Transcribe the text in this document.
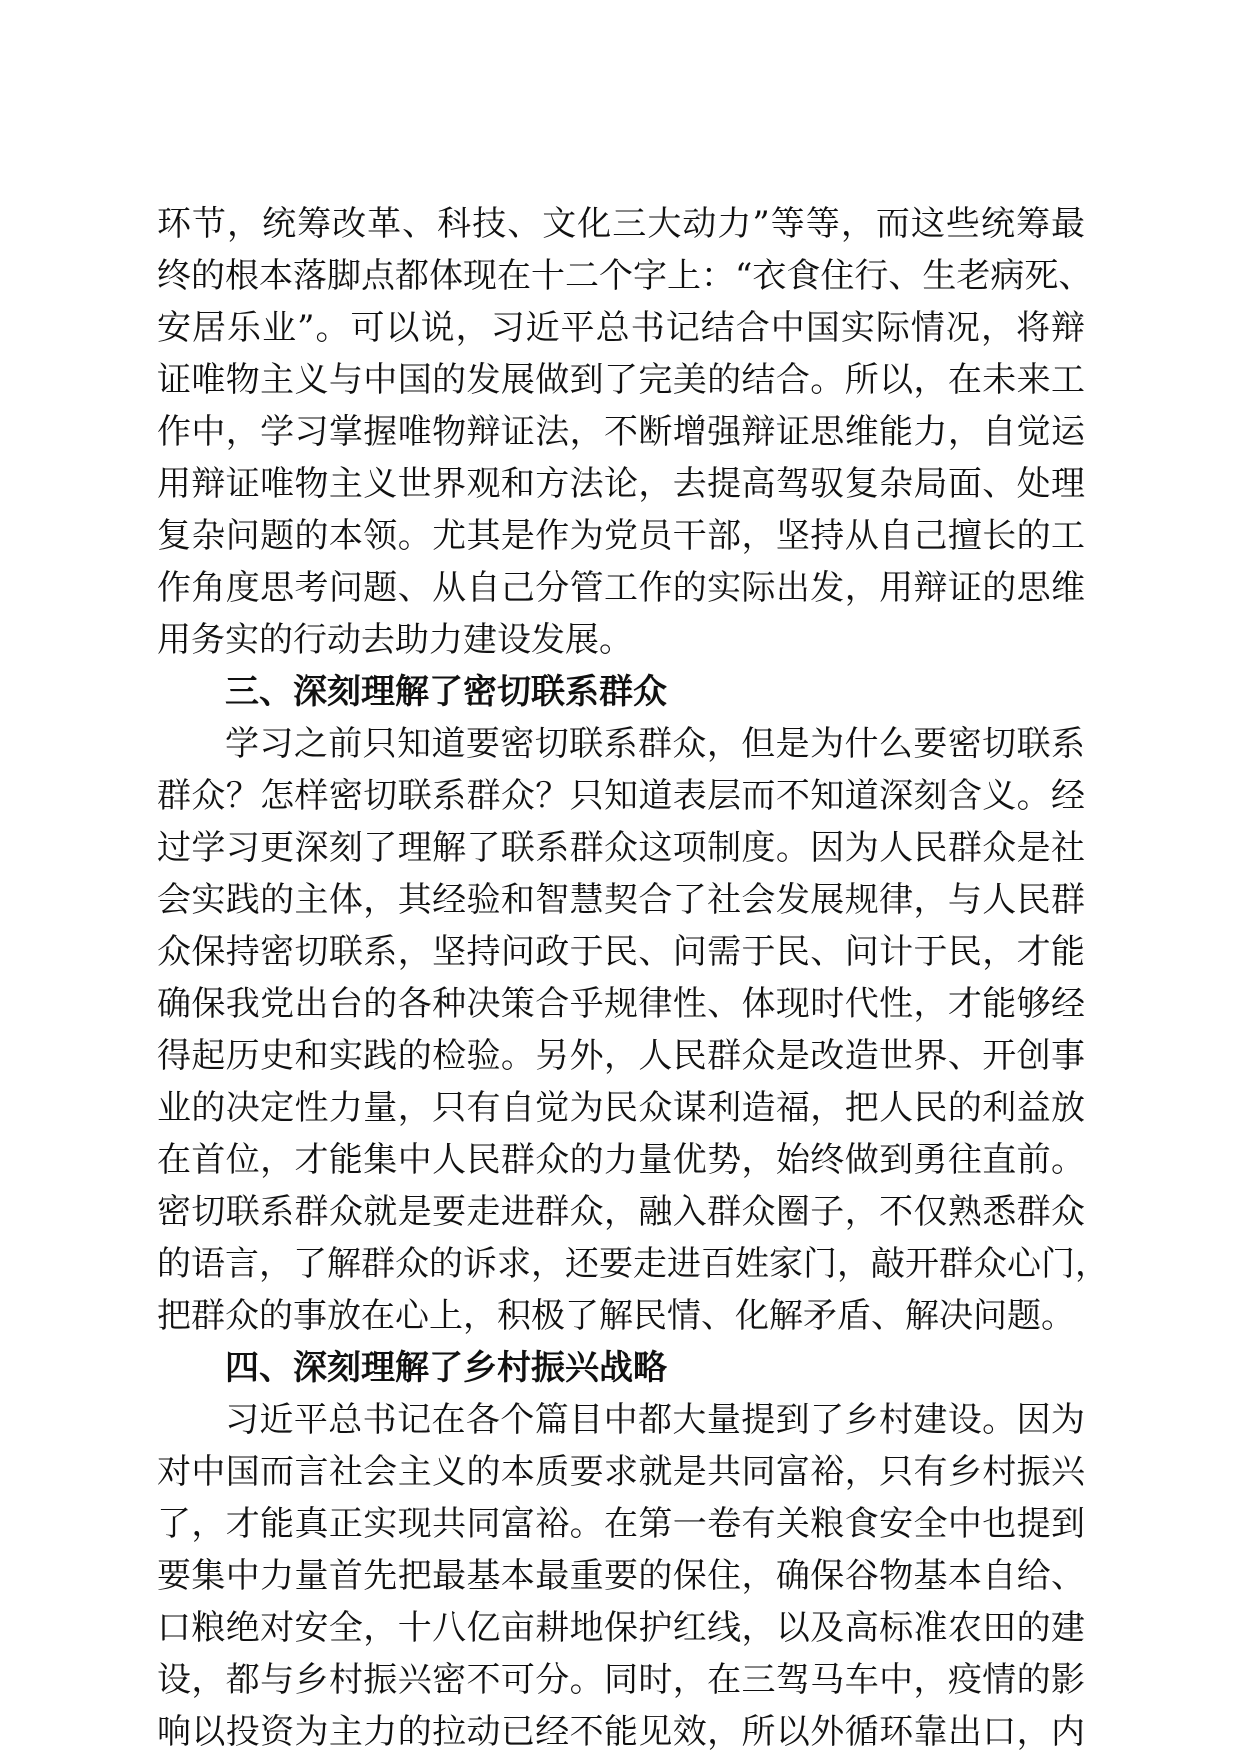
环节，统筹改革、科技、文化三大动力”等等，而这些统筹最
终的根本落脚点都体现在十二个字上：“衣食住行、生老病死、
安居乐业”。可以说，习近平总书记结合中国实际情况，将辩
证唯物主义与中国的发展做到了完美的结合。所以，在未来工
作中，学习掌握唯物辩证法，不断增强辩证思维能力，自觉运
用辩证唯物主义世界观和方法论，去提高驾驭复杂局面、处理
复杂问题的本领。尤其是作为党员干部，坚持从自己擅长的工
作角度思考问题、从自己分管工作的实际出发，用辩证的思维
用务实的行动去助力建设发展。
三、深刻理解了密切联系群众
学习之前只知道要密切联系群众，但是为什么要密切联系
群众？怎样密切联系群众？只知道表层而不知道深刻含义。经
过学习更深刻了理解了联系群众这项制度。因为人民群众是社
会实践的主体，其经验和智慧契合了社会发展规律，与人民群
众保持密切联系，坚持问政于民、问需于民、问计于民，才能
确保我党出台的各种决策合乎规律性、体现时代性，才能够经
得起历史和实践的检验。另外，人民群众是改造世界、开创事
业的决定性力量，只有自觉为民众谋利造福，把人民的利益放
在首位，才能集中人民群众的力量优势，始终做到勇往直前。
密切联系群众就是要走进群众，融入群众圈子，不仅熟悉群众
的语言，了解群众的诉求，还要走进百姓家门，敲开群众心门，
把群众的事放在心上，积极了解民情、化解矛盾、解决问题。
四、深刻理解了乡村振兴战略
习近平总书记在各个篇目中都大量提到了乡村建设。因为
对中国而言社会主义的本质要求就是共同富裕，只有乡村振兴
了，才能真正实现共同富裕。在第一卷有关粮食安全中也提到
要集中力量首先把最基本最重要的保住，确保谷物基本自给、
口粮绝对安全，十八亿亩耕地保护红线，以及高标准农田的建
设，都与乡村振兴密不可分。同时，在三驾马车中，疫情的影
响以投资为主力的拉动已经不能见效，所以外循环靠出口，内
